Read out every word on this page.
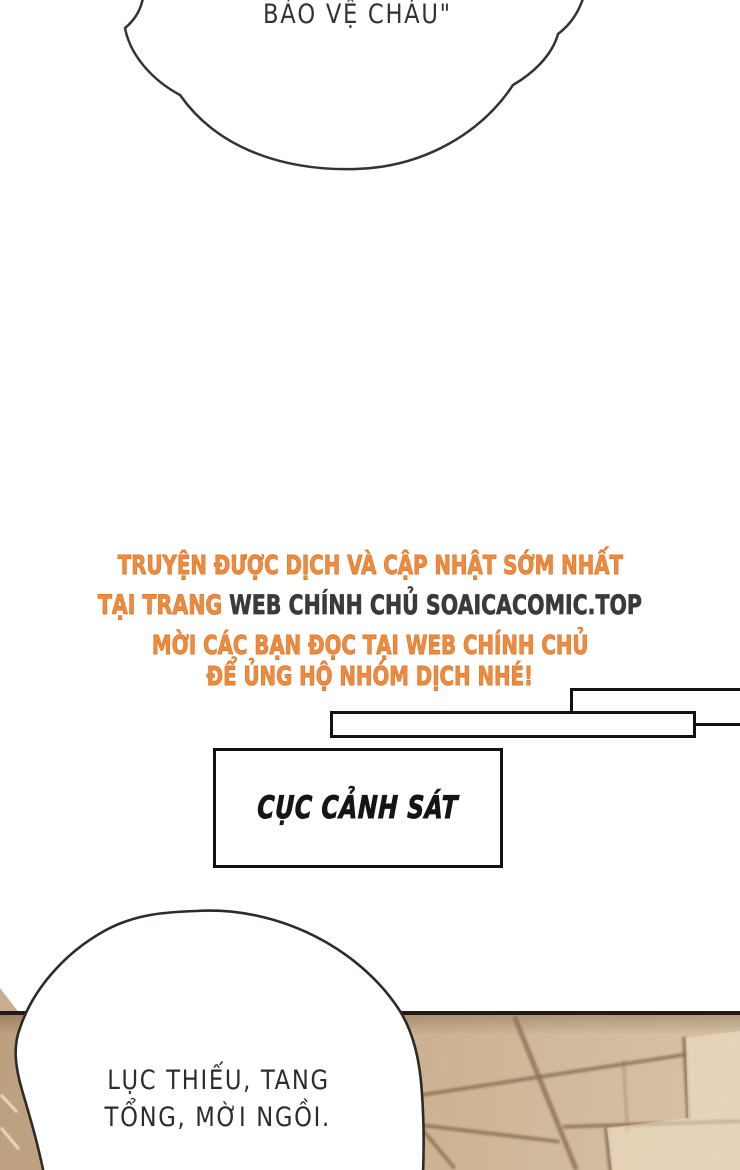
LỤC THIẾU, TANG
TỔNG, MỜI NGỒI.
BẢO VỆ CHÁU"
TRUYỆN ĐƯỢC DỊCH VÀ CẬP NHẬT SỚM NHẤT
TẠI TRANG WEB CHÍNH CHỦ SOAICACOMIC.TOP
MỜI CÁC BẠN ĐỌC TẠI WEB CHÍNH CHỦ
ĐỂ ỦNG HỘ NHÓM DỊCH NHÉ!
CỤC CẢNH SÁT
